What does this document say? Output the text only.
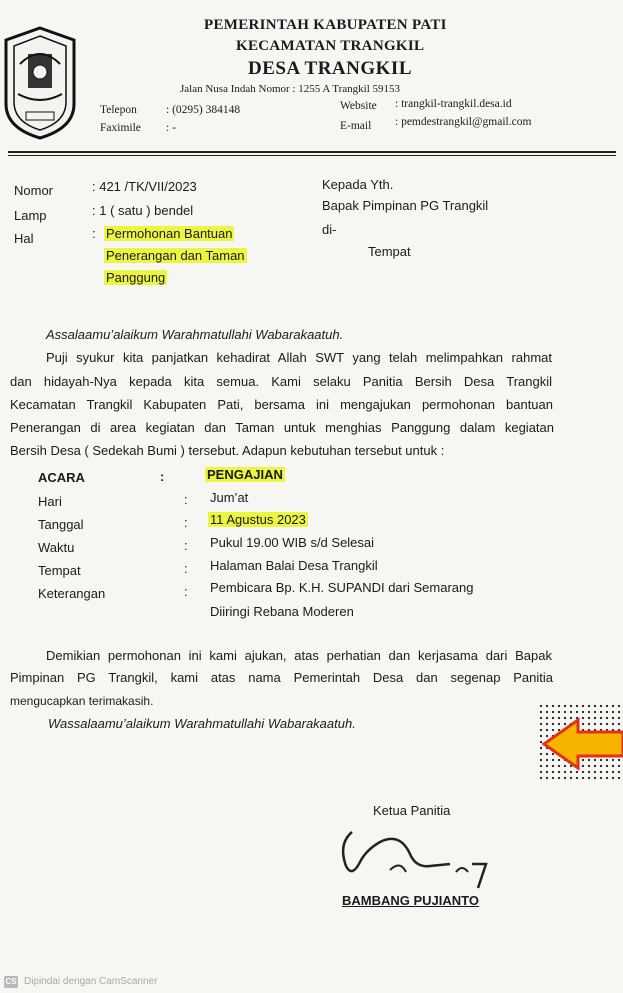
PEMERINTAH KABUPATEN PATI
KECAMATAN TRANGKIL
DESA TRANGKIL
Jalan Nusa Indah Nomor : 1255 A Trangkil 59153
Telepon	: (0295) 384148
Faximile : -
Website : trangkil-trangkil.desa.id
E-mail : pemdestrangkil@gmail.com
Nomor	: 421 /TK/VII/2023
Lamp	: 1 ( satu ) bendel
Hal	: Permohonan Bantuan
Penerangan dan Taman
Panggung
Kepada Yth.
Bapak Pimpinan PG Trangkil
di-
Tempat
Assalaamu’alaikum Warahmatullahi Wabarakaatuh.
Puji syukur kita panjatkan kehadirat Allah SWT yang telah melimpahkan rahmat
dan hidayah-Nya kepada kita semua. Kami selaku Panitia Bersih Desa Trangkil
Kecamatan Trangkil Kabupaten Pati, bersama ini mengajukan permohonan bantuan
Penerangan di area kegiatan dan Taman untuk menghias Panggung dalam kegiatan
Bersih Desa ( Sedekah Bumi ) tersebut. Adapun kebutuhan tersebut untuk :
ACARA	:	PENGAJIAN
Hari	: Jum’at
Tanggal	: 11 Agustus 2023
Waktu	: Pukul 19.00 WIB s/d Selesai
Tempat	: Halaman Balai Desa Trangkil
Keterangan	: Pembicara Bp. K.H. SUPANDI dari Semarang
Diiringi Rebana Moderen
Demikian permohonan ini kami ajukan, atas perhatian dan kerjasama dari Bapak
Pimpinan PG Trangkil, kami atas nama Pemerintah Desa dan segenap Panitia
mengucapkan terimakasih.
Wassalaamu’alaikum Warahmatullahi Wabarakaatuh.
Ketua Panitia
BAMBANG PUJIANTO
CS Dipindai dengan CamScanner
